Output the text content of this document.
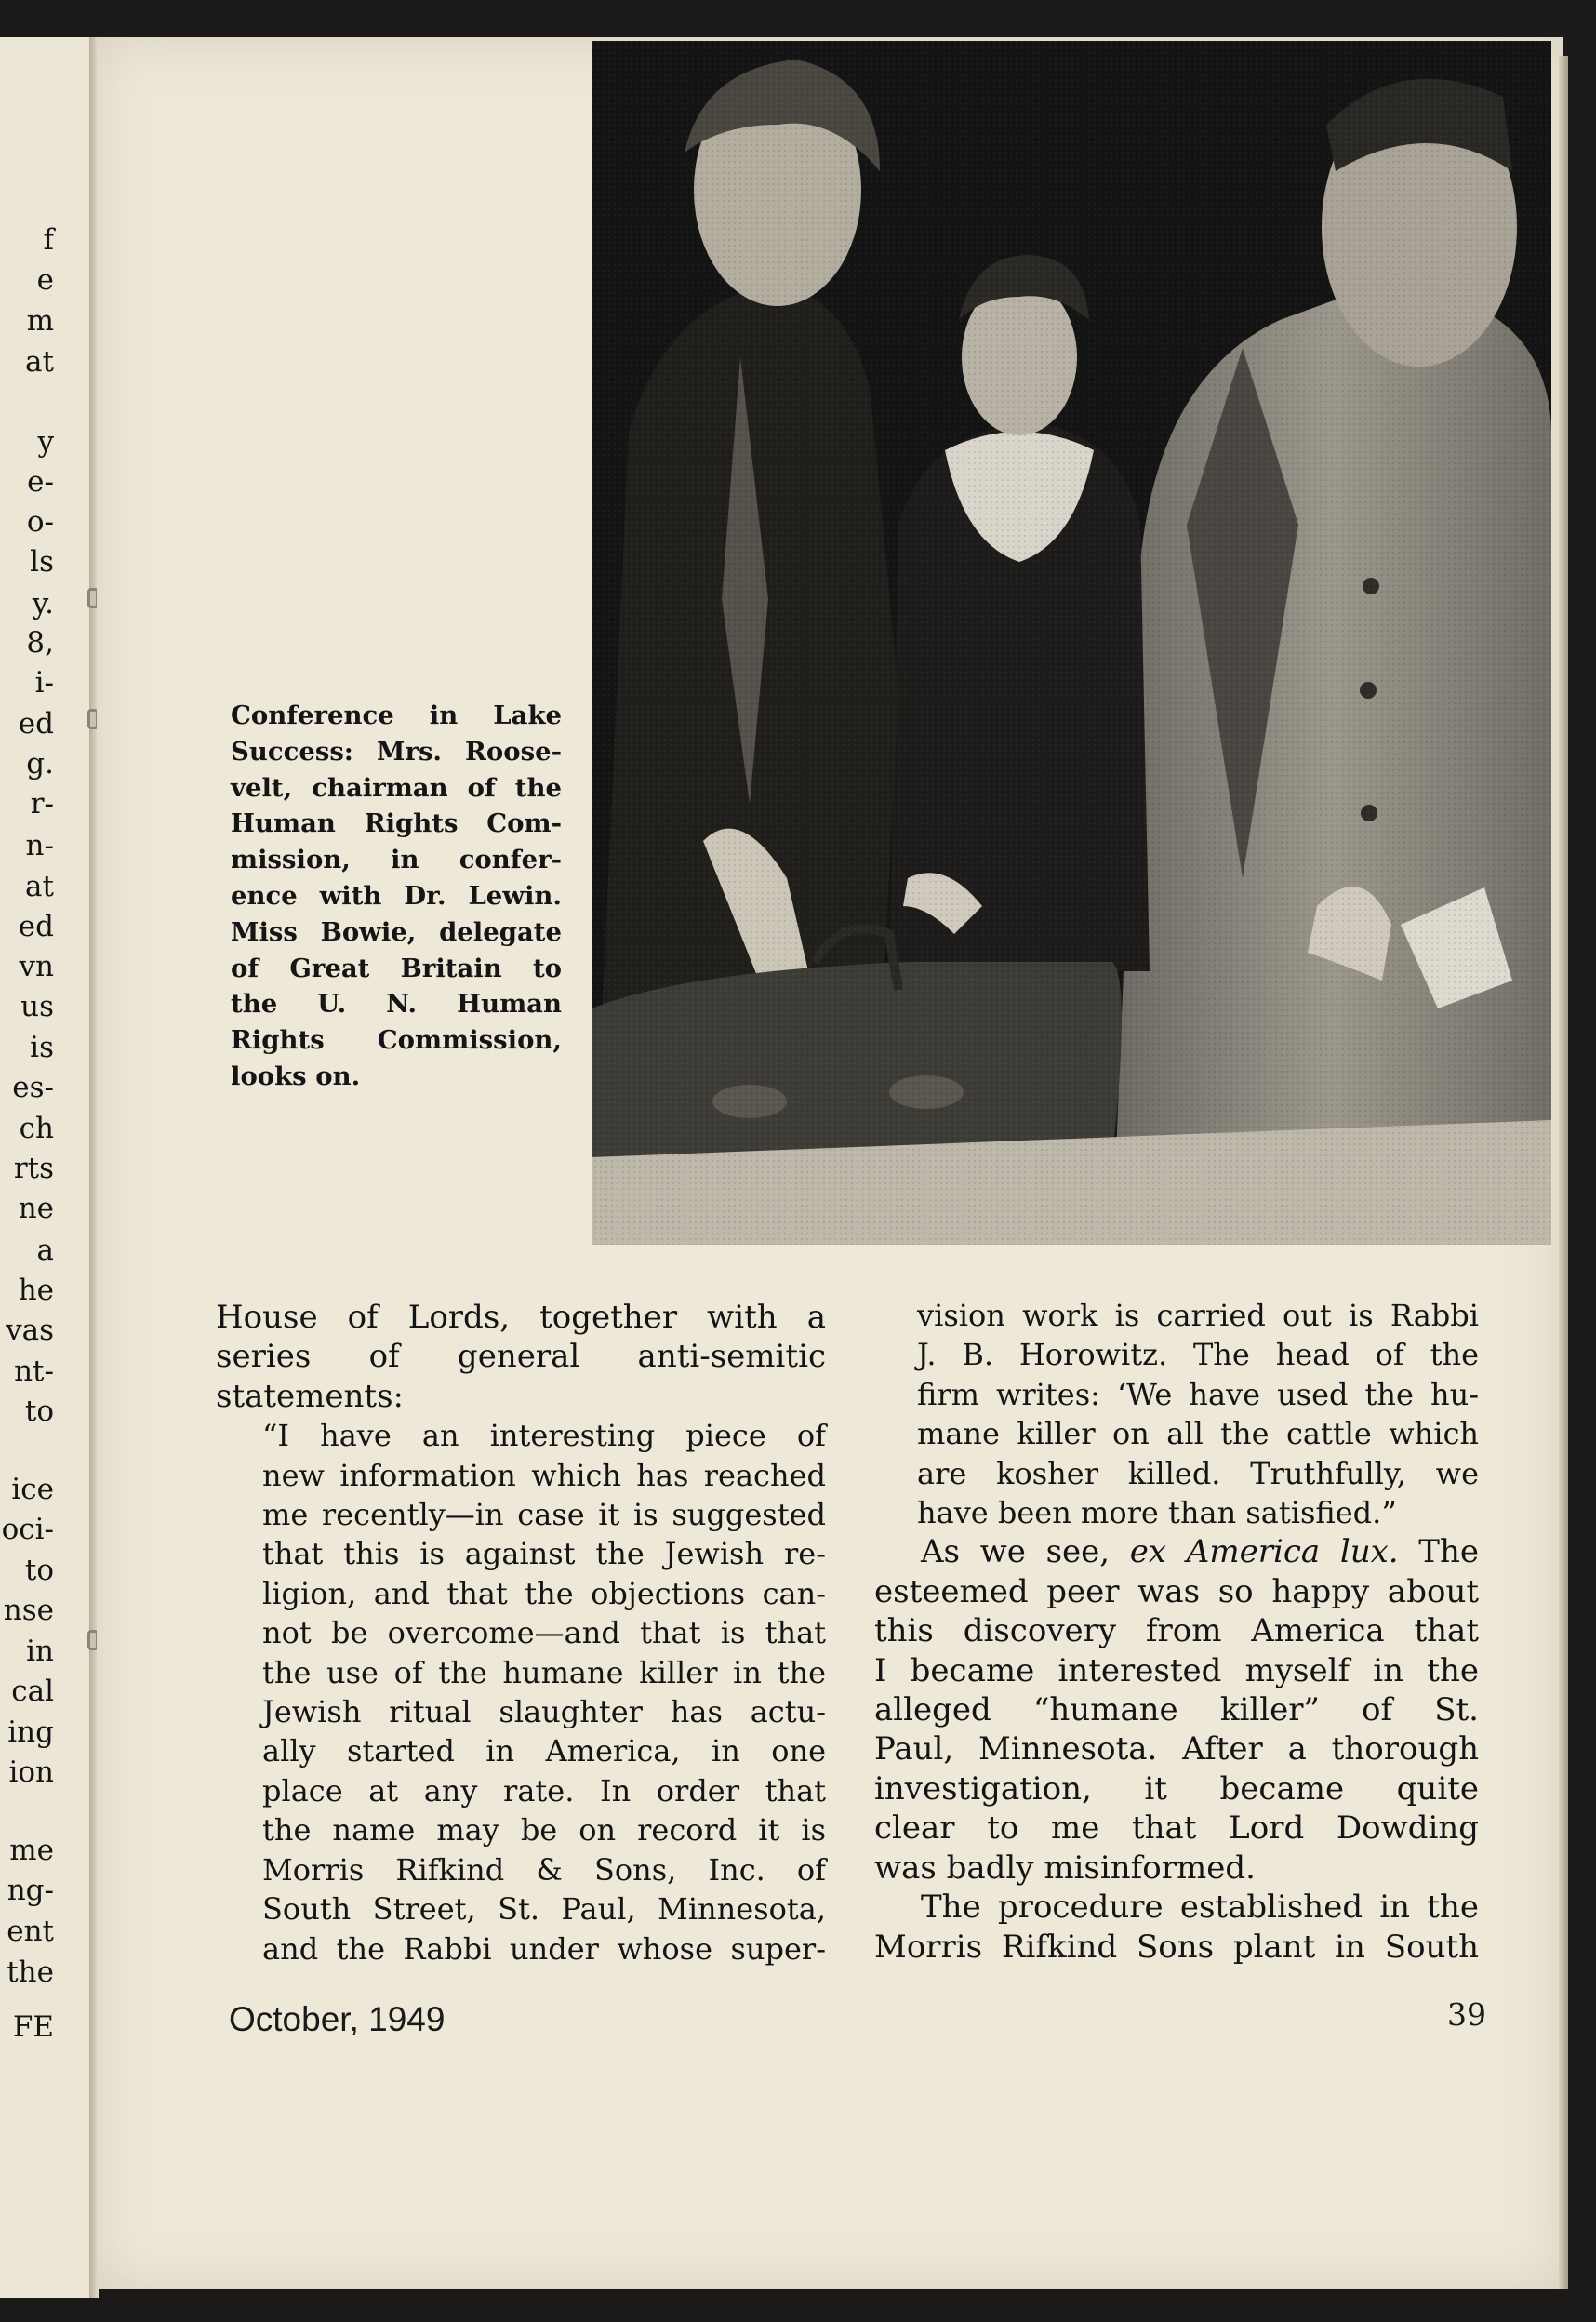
f
e
m
at
y
e-
o-
ls
y.
8,
i-
ed
g.
r-
n-
at
ed
vn
us
is
es-
ch
rts
ne
a
he
vas
nt-
to
ice
oci-
to
nse
in
cal
ing
ion
me
ng-
ent
the
FE
Conference in Lake
Success: Mrs. Roose-
velt, chairman of the
Human Rights Com-
mission, in confer-
ence with Dr. Lewin.
Miss Bowie, delegate
of Great Britain to
the U. N. Human
Rights Commission,
looks on.
House of Lords, together with a
series of general anti-semitic
statements:
“I have an interesting piece of
new information which has reached
me recently—in case it is suggested
that this is against the Jewish re-
ligion, and that the objections can-
not be overcome—and that is that
the use of the humane killer in the
Jewish ritual slaughter has actu-
ally started in America, in one
place at any rate. In order that
the name may be on record it is
Morris Rifkind & Sons, Inc. of
South Street, St. Paul, Minnesota,
and the Rabbi under whose super-
vision work is carried out is Rabbi
J. B. Horowitz. The head of the
firm writes: ‘We have used the hu-
mane killer on all the cattle which
are kosher killed. Truthfully, we
have been more than satisfied.”
As we see, ex America lux. The
esteemed peer was so happy about
this discovery from America that
I became interested myself in the
alleged “humane killer” of St.
Paul, Minnesota. After a thorough
investigation, it became quite
clear to me that Lord Dowding
was badly misinformed.
The procedure established in the
Morris Rifkind Sons plant in South
October, 1949	39
